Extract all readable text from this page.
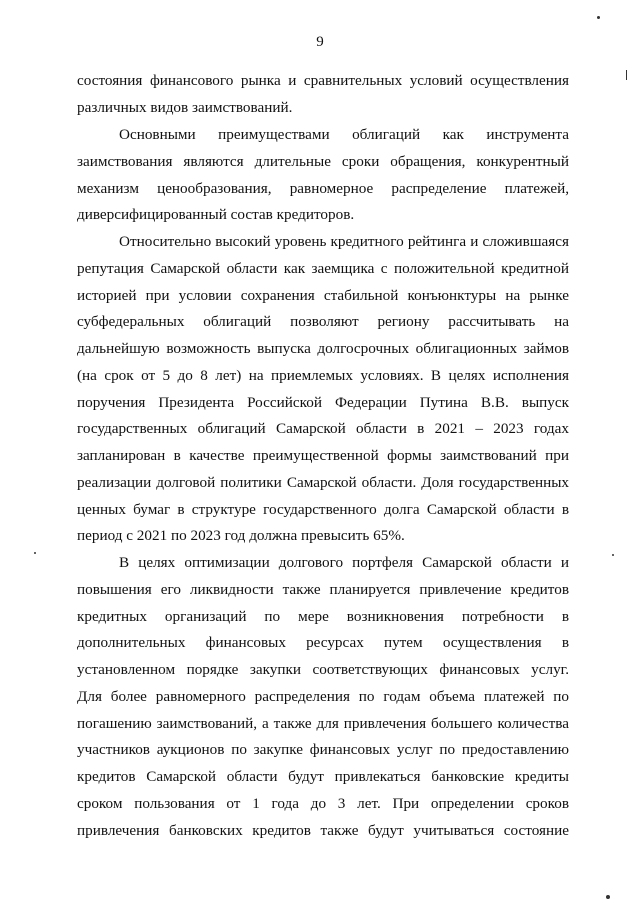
9
состояния финансового рынка и сравнительных условий осуществления
различных видов заимствований.
Основными преимуществами облигаций как инструмента
заимствования являются длительные сроки обращения, конкурентный
механизм ценообразования, равномерное распределение платежей,
диверсифицированный состав кредиторов.
Относительно высокий уровень кредитного рейтинга и сложившаяся
репутация Самарской области как заемщика с положительной кредитной
историей при условии сохранения стабильной конъюнктуры на рынке
субфедеральных облигаций позволяют региону рассчитывать на
дальнейшую возможность выпуска долгосрочных облигационных займов
(на срок от 5 до 8 лет) на приемлемых условиях. В целях исполнения
поручения Президента Российской Федерации Путина В.В. выпуск
государственных облигаций Самарской области в 2021 – 2023 годах
запланирован в качестве преимущественной формы заимствований при
реализации долговой политики Самарской области. Доля государственных
ценных бумаг в структуре государственного долга Самарской области в
период с 2021 по 2023 год должна превысить 65%.
В целях оптимизации долгового портфеля Самарской области и
повышения его ликвидности также планируется привлечение кредитов
кредитных организаций по мере возникновения потребности в
дополнительных финансовых ресурсах путем осуществления в
установленном порядке закупки соответствующих финансовых услуг.
Для более равномерного распределения по годам объема платежей по
погашению заимствований, а также для привлечения большего количества
участников аукционов по закупке финансовых услуг по предоставлению
кредитов Самарской области будут привлекаться банковские кредиты
сроком пользования от 1 года до 3 лет. При определении сроков
привлечения банковских кредитов также будут учитываться состояние
